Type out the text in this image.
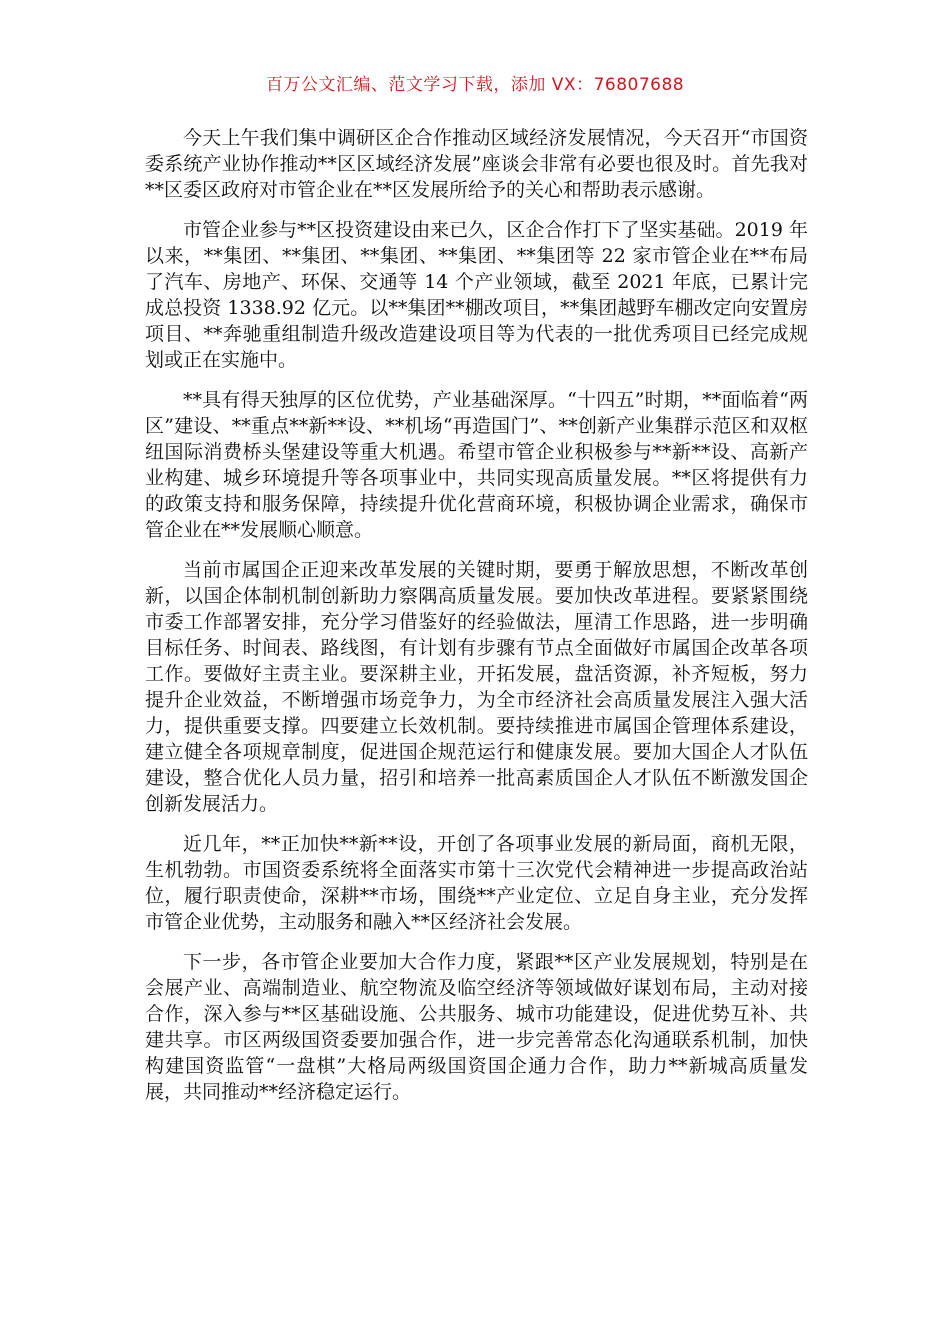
百万公文汇编、范文学习下载，添加 VX：76807688

今天上午我们集中调研区企合作推动区域经济发展情况，今天召开“市国资委系统产业协作推动**区区域经济发展”座谈会非常有必要也很及时。首先我对**区委区政府对市管企业在**区发展所给予的关心和帮助表示感谢。

市管企业参与**区投资建设由来已久，区企合作打下了坚实基础。2019 年以来，**集团、**集团、**集团、**集团、**集团等 22 家市管企业在**布局了汽车、房地产、环保、交通等 14 个产业领域，截至 2021 年底，已累计完成总投资 1338.92 亿元。以**集团**棚改项目，**集团越野车棚改定向安置房项目、**奔驰重组制造升级改造建设项目等为代表的一批优秀项目已经完成规划或正在实施中。

**具有得天独厚的区位优势，产业基础深厚。“十四五”时期，**面临着“两区”建设、**重点**新**设、**机场“再造国门”、**创新产业集群示范区和双枢纽国际消费桥头堡建设等重大机遇。希望市管企业积极参与**新**设、高新产业构建、城乡环境提升等各项事业中，共同实现高质量发展。**区将提供有力的政策支持和服务保障，持续提升优化营商环境，积极协调企业需求，确保市管企业在**发展顺心顺意。

当前市属国企正迎来改革发展的关键时期，要勇于解放思想，不断改革创新，以国企体制机制创新助力察隅高质量发展。要加快改革进程。要紧紧围绕市委工作部署安排，充分学习借鉴好的经验做法，厘清工作思路，进一步明确目标任务、时间表、路线图，有计划有步骤有节点全面做好市属国企改革各项工作。要做好主责主业。要深耕主业，开拓发展，盘活资源，补齐短板，努力提升企业效益，不断增强市场竞争力，为全市经济社会高质量发展注入强大活力，提供重要支撑。四要建立长效机制。要持续推进市属国企管理体系建设，建立健全各项规章制度，促进国企规范运行和健康发展。要加大国企人才队伍建设，整合优化人员力量，招引和培养一批高素质国企人才队伍不断激发国企创新发展活力。

近几年，**正加快**新**设，开创了各项事业发展的新局面，商机无限，生机勃勃。市国资委系统将全面落实市第十三次党代会精神进一步提高政治站位，履行职责使命，深耕**市场，围绕**产业定位、立足自身主业，充分发挥市管企业优势，主动服务和融入**区经济社会发展。

下一步，各市管企业要加大合作力度，紧跟**区产业发展规划，特别是在会展产业、高端制造业、航空物流及临空经济等领域做好谋划布局，主动对接合作，深入参与**区基础设施、公共服务、城市功能建设，促进优势互补、共建共享。市区两级国资委要加强合作，进一步完善常态化沟通联系机制，加快构建国资监管“一盘棋”大格局两级国资国企通力合作，助力**新城高质量发展，共同推动**经济稳定运行。
